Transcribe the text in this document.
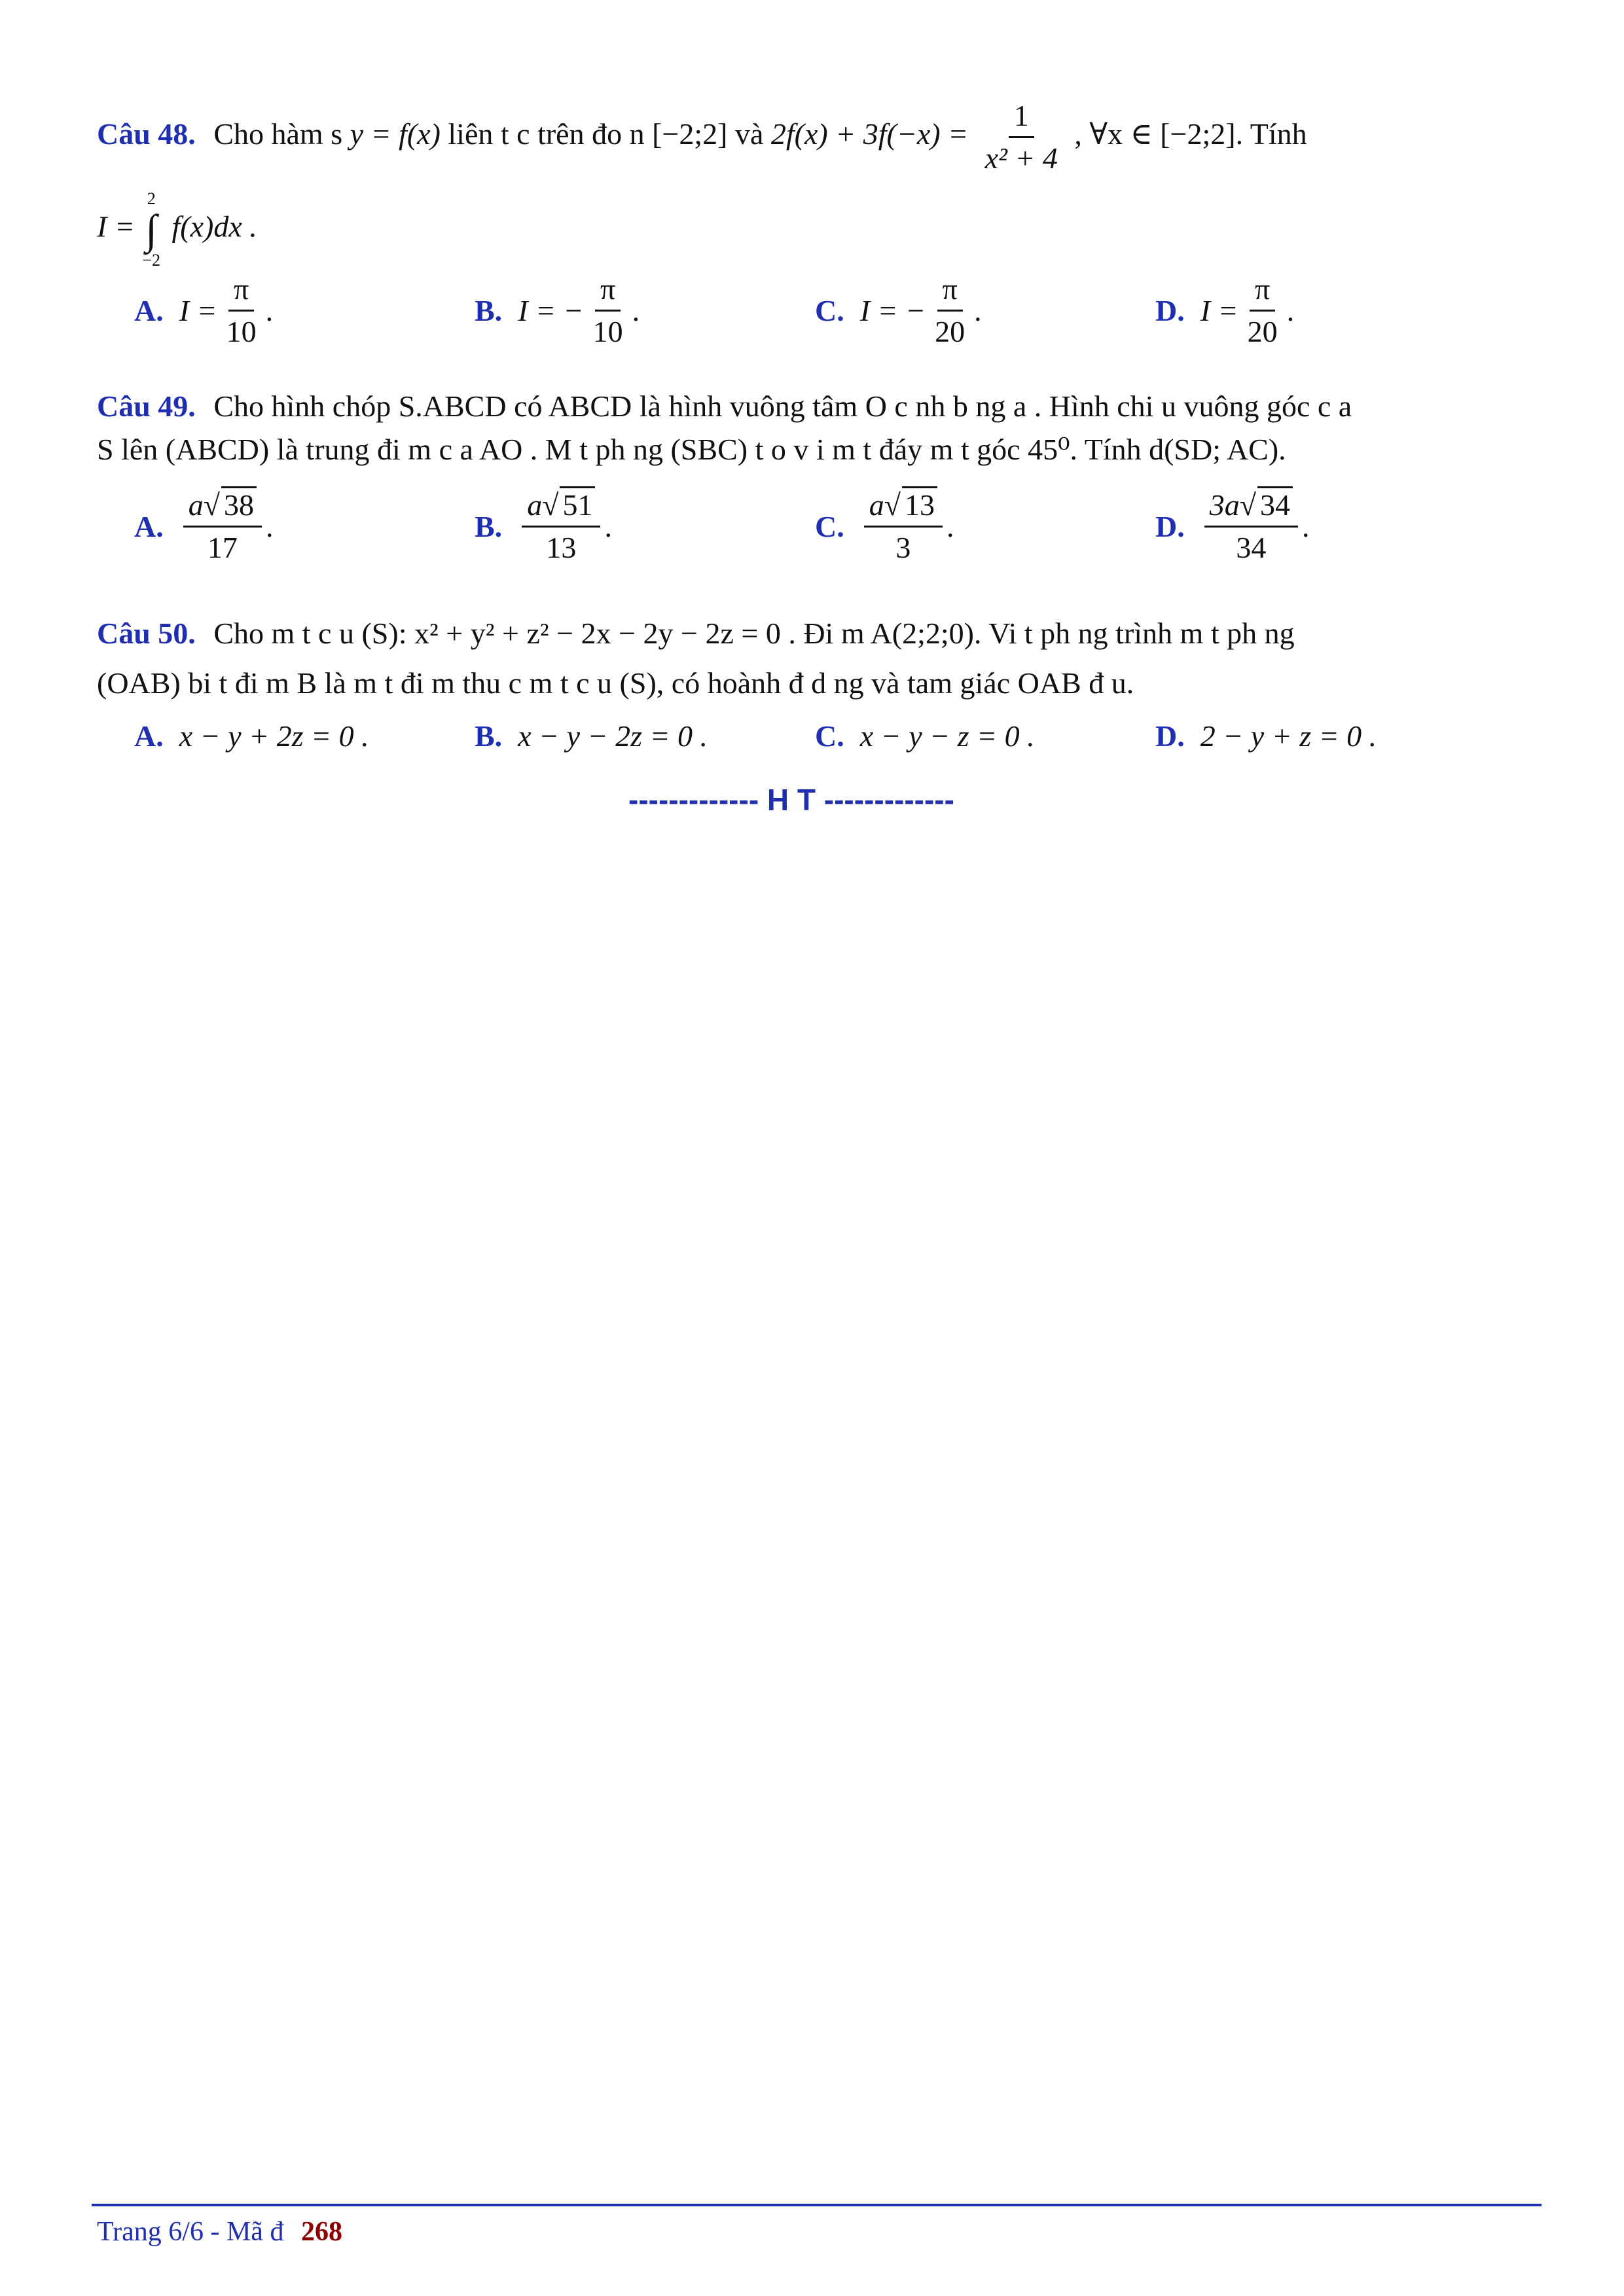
Câu 48. Cho hàm s y = f(x) liên t c trên đo n [−2;2] và $2f(x) + 3f(-x) = \frac{1}{\text{x² + 4}}$ , ∀x ∈ [−2;2]. Tính
I =
2
∫
−2
f(x)dx .
A. $I = \frac{\pi}{10}$ .	B. I = − $\frac{\pi}{10}$ .	C. I = − $\frac{\pi}{20}$ .	D. $I = \frac{\pi}{20}$ .
Câu 49. Cho hình chóp S.ABCD có ABCD là hình vuông tâm O c nh b ng a . Hình chi u vuông góc c a
S lên (ABCD) là trung đi m c a AO . M t ph ng (SBC) t o v i m t đáy m t góc 45⁰. Tính d(SD; AC).
A. $\frac{a√ 38}{17}$ .	B. $\frac{a√ 51}{13}$ .	C. $\frac{a√ 13}{3}$ .	D. $\frac{3a√ 34}{34}$ .
Câu 50. Cho m t c u (S): x² + y² + z² − 2x − 2y − 2z = 0 . Đi m A(2;2;0). Vi t ph ng trình m t ph ng
(OAB) bi t đi m B là m t đi m thu c m t c u (S), có hoành đ d ng và tam giác OAB đ u.
A. x − y + 2z = 0 .	B. x − y − 2z = 0 .	C. x − y − z = 0 .	D. 2 − y + z = 0 .
------------- H T -------------
Trang 6/6 - Mã đ 268
